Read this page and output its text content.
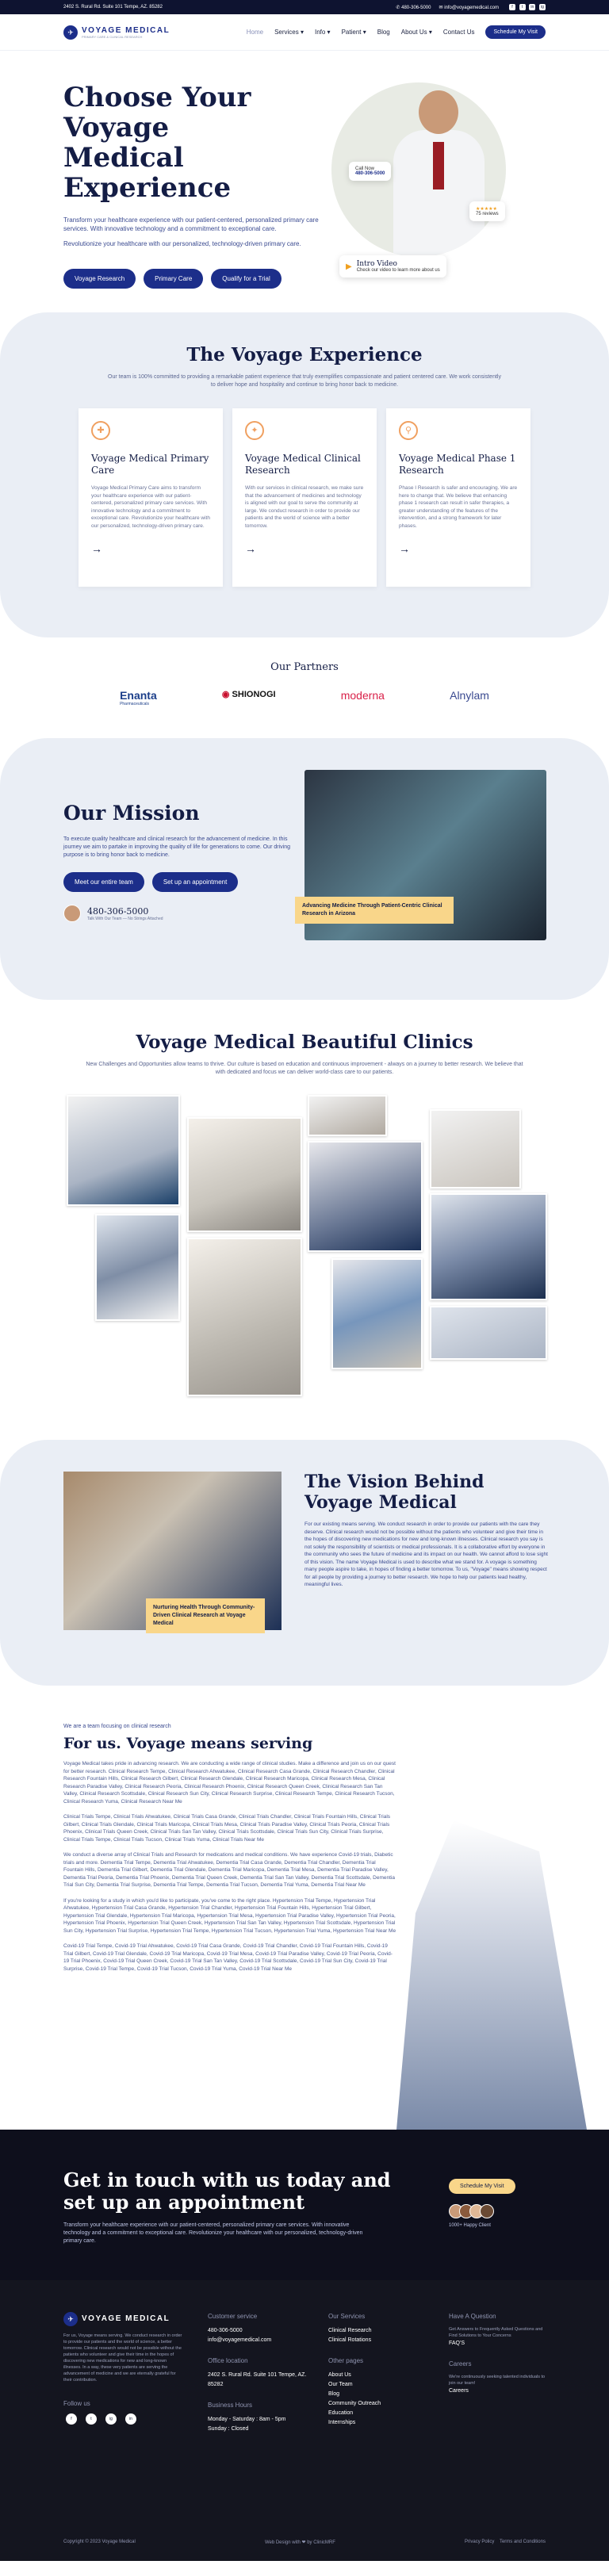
2402 S. Rural Rd. Suite 101 Tempe, AZ. 85282	✆ 480-306-5000 ✉ info@voyagemedical.com	f t in ig
✈	VOYAGE MEDICAL
PRIMARY CARE & CLINICAL RESEARCH
Home Services ▾ Info ▾ Patient ▾ Blog About Us ▾ Contact Us	Schedule My Visit
Choose Your Voyage Medical Experience

Transform your healthcare experience with our patient-centered, personalized primary care services. With innovative technology and a commitment to exceptional care.

Revolutionize your healthcare with our personalized, technology-driven primary care.

Voyage Research	Primary Care	Qualify for a Trial
Call Now
480-306-5000
★★★★★
75 reviews
▶ Intro Video
Check our video to learn more about us
The Voyage Experience

Our team is 100% committed to providing a remarkable patient experience that truly exemplifies compassionate and patient centered care. We work consistently to deliver hope and hospitality and continue to bring honor back to medicine.

✚
Voyage Medical Primary Care

Voyage Medical Primary Care aims to transform your healthcare experience with our patient-centered, personalized primary care services. With innovative technology and a commitment to exceptional care. Revolutionize your healthcare with our personalized, technology-driven primary care.

→
✦
Voyage Medical Clinical Research

With our services in clinical research, we make sure that the advancement of medicines and technology is aligned with our goal to serve the community at large. We conduct research in order to provide our patients and the world of science with a better tomorrow.

→
⚲
Voyage Medical Phase 1 Research

Phase I Research is safer and encouraging. We are here to change that. We believe that enhancing phase 1 research can result in safer therapies, a greater understanding of the features of the intervention, and a strong framework for later phases.

→
Our Partners
Enanta
Pharmaceuticals
◉ SHIONOGI	moderna	Alnylam
Our Mission

To execute quality healthcare and clinical research for the advancement of medicine. In this journey we aim to partake in improving the quality of life for generations to come. Our driving purpose is to bring honor back to medicine.

Meet our entire team	Set up an appointment
480-306-5000
Talk With Our Team — No Strings Attached
Advancing Medicine Through Patient-Centric Clinical Research in Arizona
Voyage Medical Beautiful Clinics

New Challenges and Opportunities allow teams to thrive. Our culture is based on education and continuous improvement - always on a journey to better research. We believe that with dedicated and focus we can deliver world-class care to our patients.

Nurturing Health Through Community-Driven Clinical Research at Voyage Medical
The Vision Behind Voyage Medical

For our existing means serving. We conduct research in order to provide our patients with the care they deserve. Clinical research would not be possible without the patients who volunteer and give their time in the hopes of discovering new medications for new and long-known illnesses. Clinical research you say is not solely the responsibility of scientists or medical professionals. It is a collaborative effort by everyone in the community who sees the future of medicine and its impact on our health. We cannot afford to lose sight of this vision. The name Voyage Medical is used to describe what we stand for. A voyage is something many people aspire to take, in hopes of finding a better tomorrow. To us, "Voyage" means showing respect for all people by providing a journey to better research. We hope to help our patients lead healthy, meaningful lives.

We are a team focusing on clinical research
For us. Voyage means serving

Voyage Medical takes pride in advancing research. We are conducting a wide range of clinical studies. Make a difference and join us on our quest for better research. Clinical Research Tempe, Clinical Research Ahwatukee, Clinical Research Casa Grande, Clinical Research Chandler, Clinical Research Fountain Hills, Clinical Research Gilbert, Clinical Research Glendale, Clinical Research Maricopa, Clinical Research Mesa, Clinical Research Paradise Valley, Clinical Research Peoria, Clinical Research Phoenix, Clinical Research Queen Creek, Clinical Research San Tan Valley, Clinical Research Scottsdale, Clinical Research Sun City, Clinical Research Surprise, Clinical Research Tempe, Clinical Research Tucson, Clinical Research Yuma, Clinical Research Near Me

Clinical Trials Tempe, Clinical Trials Ahwatukee, Clinical Trials Casa Grande, Clinical Trials Chandler, Clinical Trials Fountain Hills, Clinical Trials Gilbert, Clinical Trials Glendale, Clinical Trials Maricopa, Clinical Trials Mesa, Clinical Trials Paradise Valley, Clinical Trials Peoria, Clinical Trials Phoenix, Clinical Trials Queen Creek, Clinical Trials San Tan Valley, Clinical Trials Scottsdale, Clinical Trials Sun City, Clinical Trials Surprise, Clinical Trials Tempe, Clinical Trials Tucson, Clinical Trials Yuma, Clinical Trials Near Me

We conduct a diverse array of Clinical Trials and Research for medications and medical conditions. We have experience Covid-19 trials, Diabetic trials and more. Dementia Trial Tempe, Dementia Trial Ahwatukee, Dementia Trial Casa Grande, Dementia Trial Chandler, Dementia Trial Fountain Hills, Dementia Trial Gilbert, Dementia Trial Glendale, Dementia Trial Maricopa, Dementia Trial Mesa, Dementia Trial Paradise Valley, Dementia Trial Peoria, Dementia Trial Phoenix, Dementia Trial Queen Creek, Dementia Trial San Tan Valley, Dementia Trial Scottsdale, Dementia Trial Sun City, Dementia Trial Surprise, Dementia Trial Tempe, Dementia Trial Tucson, Dementia Trial Yuma, Dementia Trial Near Me

If you're looking for a study in which you'd like to participate, you've come to the right place. Hypertension Trial Tempe, Hypertension Trial Ahwatukee, Hypertension Trial Casa Grande, Hypertension Trial Chandler, Hypertension Trial Fountain Hills, Hypertension Trial Gilbert, Hypertension Trial Glendale, Hypertension Trial Maricopa, Hypertension Trial Mesa, Hypertension Trial Paradise Valley, Hypertension Trial Peoria, Hypertension Trial Phoenix, Hypertension Trial Queen Creek, Hypertension Trial San Tan Valley, Hypertension Trial Scottsdale, Hypertension Trial Sun City, Hypertension Trial Surprise, Hypertension Trial Tempe, Hypertension Trial Tucson, Hypertension Trial Yuma, Hypertension Trial Near Me

Covid-19 Trial Tempe, Covid-19 Trial Ahwatukee, Covid-19 Trial Casa Grande, Covid-19 Trial Chandler, Covid-19 Trial Fountain Hills, Covid-19 Trial Gilbert, Covid-19 Trial Glendale, Covid-19 Trial Maricopa, Covid-19 Trial Mesa, Covid-19 Trial Paradise Valley, Covid-19 Trial Peoria, Covid-19 Trial Phoenix, Covid-19 Trial Queen Creek, Covid-19 Trial San Tan Valley, Covid-19 Trial Scottsdale, Covid-19 Trial Sun City, Covid-19 Trial Surprise, Covid-19 Trial Tempe, Covid-19 Trial Tucson, Covid-19 Trial Yuma, Covid-19 Trial Near Me

Get in touch with us today and set up an appointment

Transform your healthcare experience with our patient-centered, personalized primary care services. With innovative technology and a commitment to exceptional care. Revolutionize your healthcare with our personalized, technology-driven primary care.

Schedule My Visit
1000+ Happy Client
✈	VOYAGE MEDICAL

For us, Voyage means serving. We conduct research in order to provide our patients and the world of science, a better tomorrow. Clinical research would not be possible without the patients who volunteer and give their time in the hopes of discovering new medications for new and long-known illnesses. In a way, these very patients are serving the advancement of medicine and we are eternally grateful for their contribution.

Follow us
f	t	ig	in
Customer service
480-306-5000
info@voyagemedical.com
Office location
2402 S. Rural Rd. Suite 101 Tempe, AZ. 85282
Business Hours
Monday - Saturday : 8am - 5pm
Sunday : Closed
Our Services
Clinical Research
Clinical Rotations
Other pages
About Us
Our Team
Blog
Community Outreach
Education
Internships
Have A Question

Get Answers to Frequently Asked Questions and Find Solutions to Your Concerns

FAQ'S
Careers

We're continuously seeking talented individuals to join our team!

Careers
Copyright © 2023 Voyage Medical	Web Design with ❤ by ClinicMRF	Privacy Policy Terms and Conditions
